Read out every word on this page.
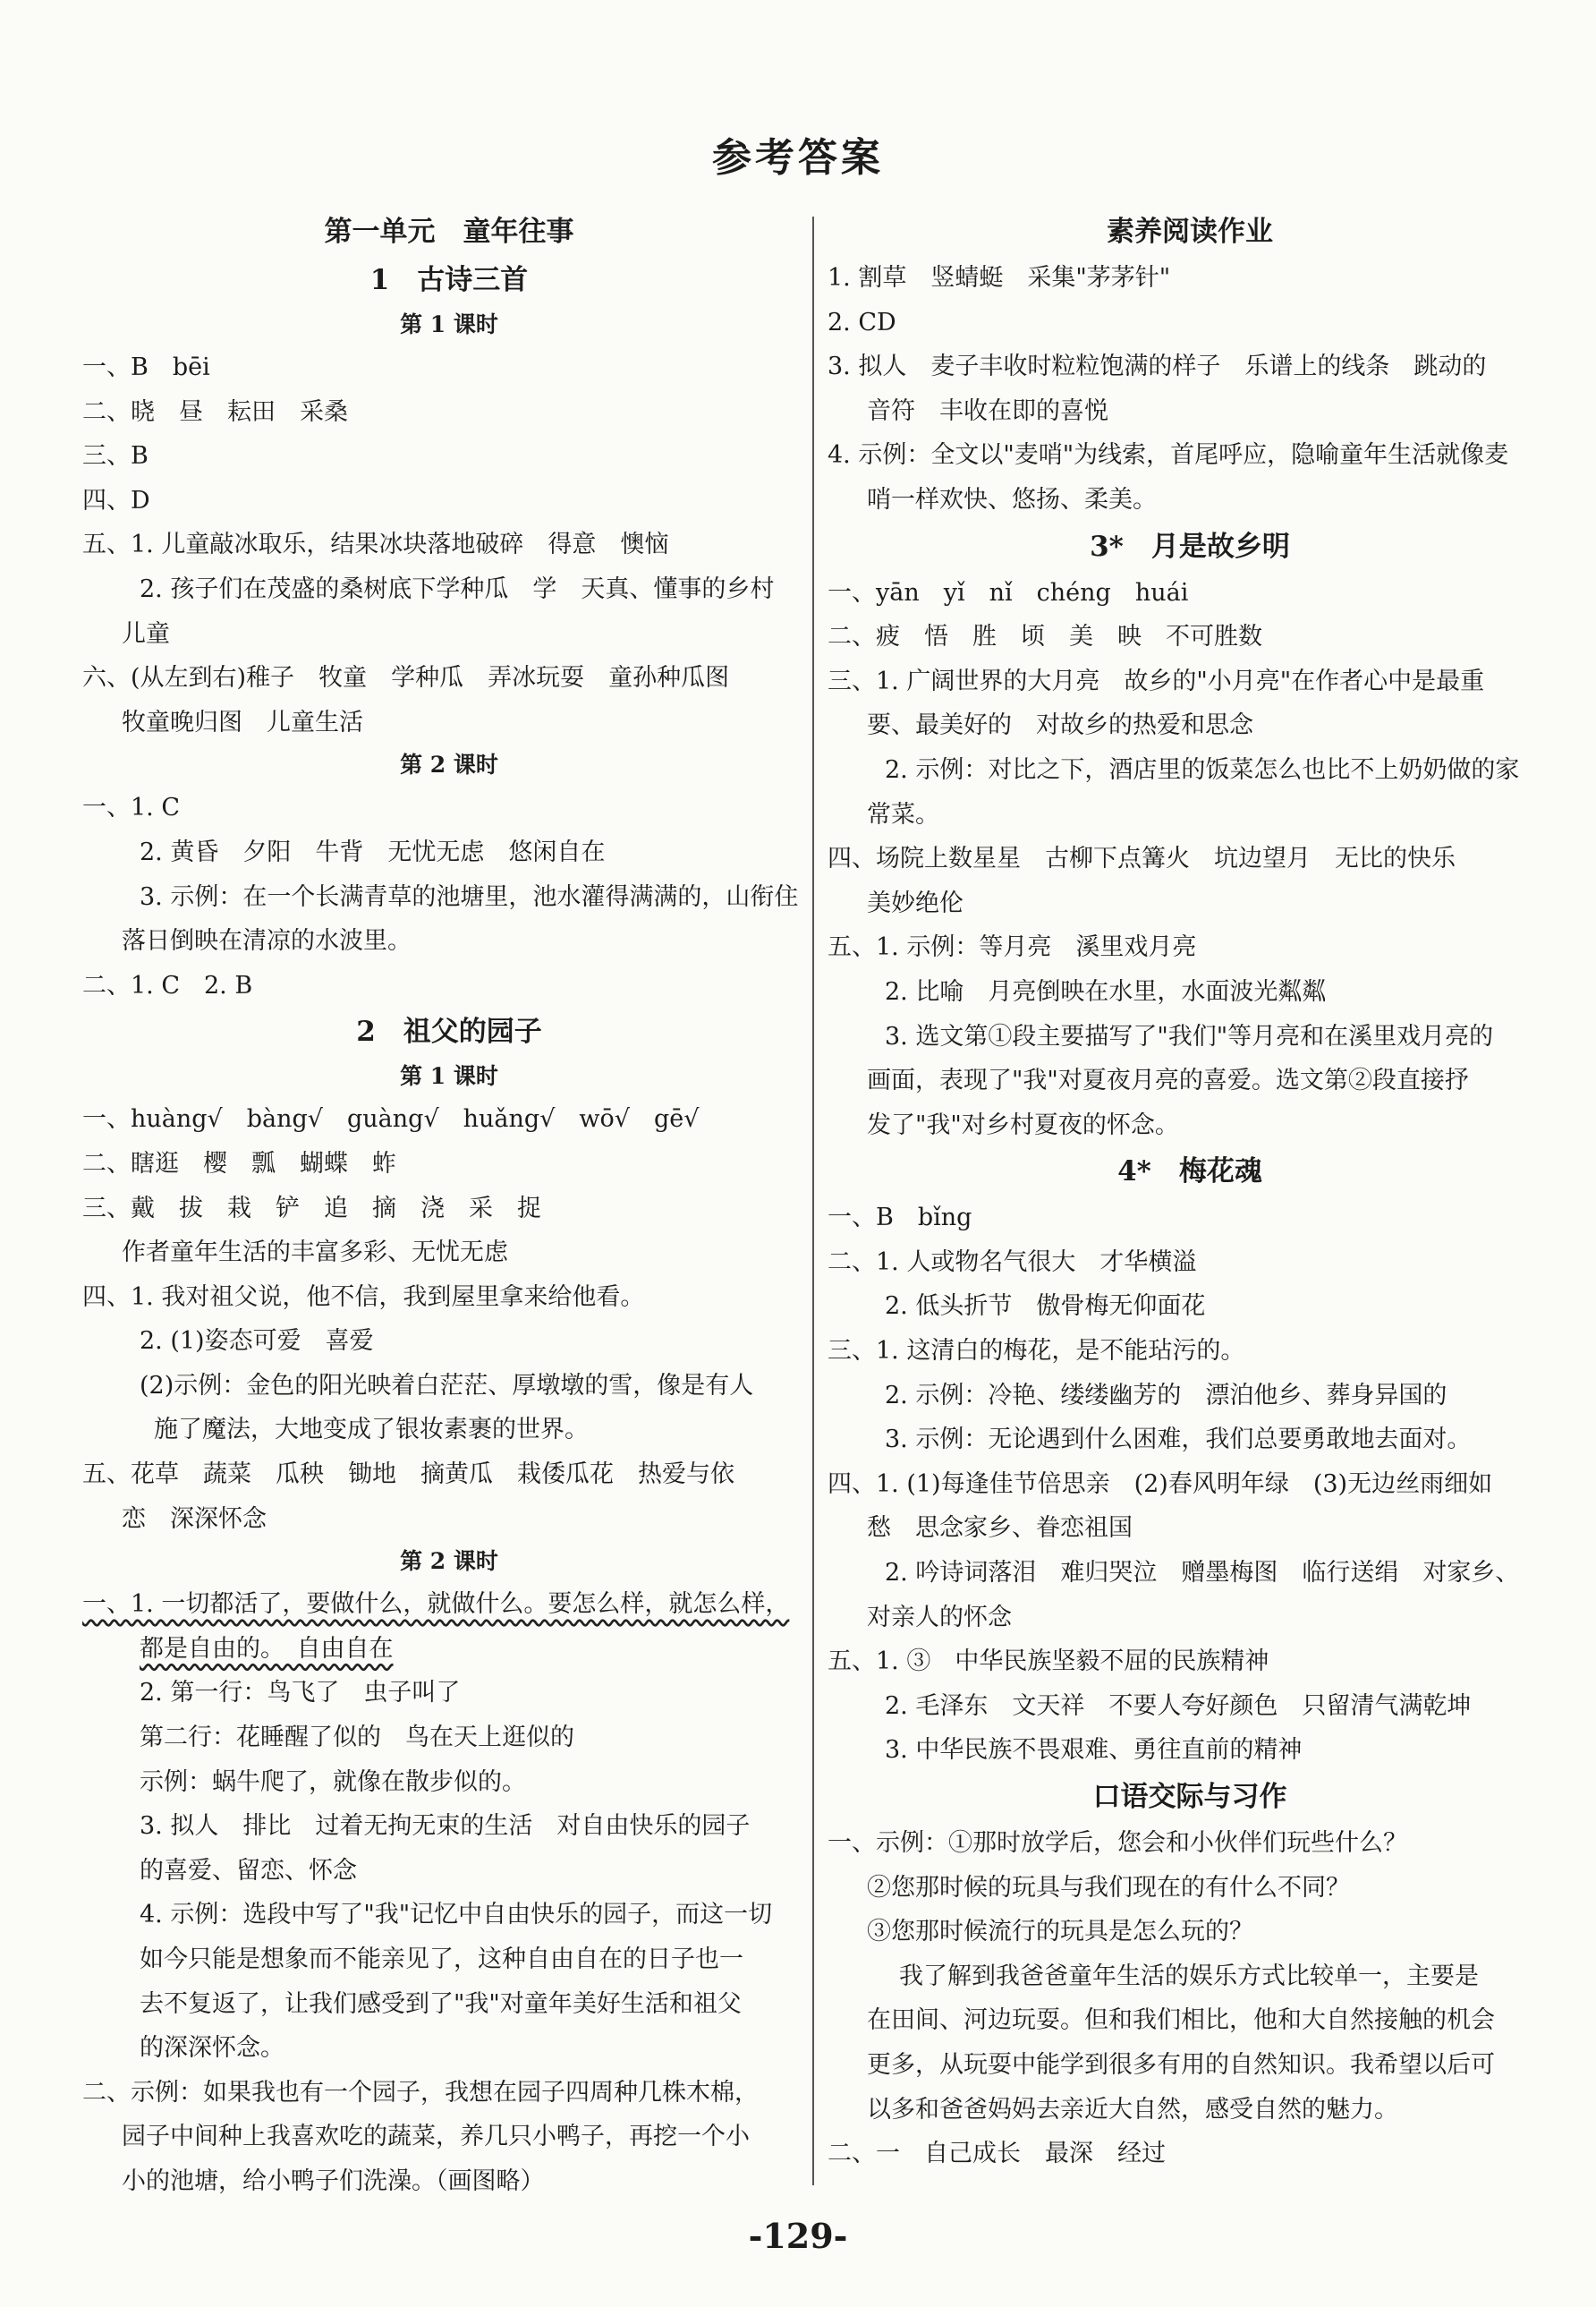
参考答案
第一单元　童年往事
1　古诗三首
第 1 课时
一、B　bēi
二、晓　昼　耘田　采桑
三、B
四、D
五、1. 儿童敲冰取乐，结果冰块落地破碎　得意　懊恼
2. 孩子们在茂盛的桑树底下学种瓜　学　天真、懂事的乡村
儿童
六、(从左到右)稚子　牧童　学种瓜　弄冰玩耍　童孙种瓜图
牧童晚归图　儿童生活
第 2 课时
一、1. C
2. 黄昏　夕阳　牛背　无忧无虑　悠闲自在
3. 示例：在一个长满青草的池塘里，池水灌得满满的，山衔住
落日倒映在清凉的水波里。
二、1. C　2. B
2　祖父的园子
第 1 课时
一、huàng√　bàng√　guàng√　huǎng√　wō√　gē√
二、瞎逛　樱　瓢　蝴蝶　蚱
三、戴　拔　栽　铲　追　摘　浇　采　捉
作者童年生活的丰富多彩、无忧无虑
四、1. 我对祖父说，他不信，我到屋里拿来给他看。
2. (1)姿态可爱　喜爱
(2)示例：金色的阳光映着白茫茫、厚墩墩的雪，像是有人
施了魔法，大地变成了银妆素裹的世界。
五、花草　蔬菜　瓜秧　锄地　摘黄瓜　栽倭瓜花　热爱与依
恋　深深怀念
第 2 课时
一、1. 一切都活了，要做什么，就做什么。要怎么样，就怎么样，
都是自由的。　自由自在
2. 第一行：鸟飞了　虫子叫了
第二行：花睡醒了似的　鸟在天上逛似的
示例：蜗牛爬了，就像在散步似的。
3. 拟人　排比　过着无拘无束的生活　对自由快乐的园子
的喜爱、留恋、怀念
4. 示例：选段中写了"我"记忆中自由快乐的园子，而这一切
如今只能是想象而不能亲见了，这种自由自在的日子也一
去不复返了，让我们感受到了"我"对童年美好生活和祖父
的深深怀念。
二、示例：如果我也有一个园子，我想在园子四周种几株木棉，
园子中间种上我喜欢吃的蔬菜，养几只小鸭子，再挖一个小
小的池塘，给小鸭子们洗澡。（画图略）
素养阅读作业
1. 割草　竖蜻蜓　采集"茅茅针"
2. CD
3. 拟人　麦子丰收时粒粒饱满的样子　乐谱上的线条　跳动的
音符　丰收在即的喜悦
4. 示例：全文以"麦哨"为线索，首尾呼应，隐喻童年生活就像麦
哨一样欢快、悠扬、柔美。
3*　月是故乡明
一、yān　yǐ　nǐ　chéng　huái
二、疲　悟　胜　顷　美　映　不可胜数
三、1. 广阔世界的大月亮　故乡的"小月亮"在作者心中是最重
要、最美好的　对故乡的热爱和思念
2. 示例：对比之下，酒店里的饭菜怎么也比不上奶奶做的家
常菜。
四、场院上数星星　古柳下点篝火　坑边望月　无比的快乐
美妙绝伦
五、1. 示例：等月亮　溪里戏月亮
2. 比喻　月亮倒映在水里，水面波光粼粼
3. 选文第①段主要描写了"我们"等月亮和在溪里戏月亮的
画面，表现了"我"对夏夜月亮的喜爱。选文第②段直接抒
发了"我"对乡村夏夜的怀念。
4*　梅花魂
一、B　bǐng
二、1. 人或物名气很大　才华横溢
2. 低头折节　傲骨梅无仰面花
三、1. 这清白的梅花，是不能玷污的。
2. 示例：冷艳、缕缕幽芳的　漂泊他乡、葬身异国的
3. 示例：无论遇到什么困难，我们总要勇敢地去面对。
四、1. (1)每逢佳节倍思亲　(2)春风明年绿　(3)无边丝雨细如
愁　思念家乡、眷恋祖国
2. 吟诗词落泪　难归哭泣　赠墨梅图　临行送绢　对家乡、
对亲人的怀念
五、1. ③　中华民族坚毅不屈的民族精神
2. 毛泽东　文天祥　不要人夸好颜色　只留清气满乾坤
3. 中华民族不畏艰难、勇往直前的精神
口语交际与习作
一、示例：①那时放学后，您会和小伙伴们玩些什么？
②您那时候的玩具与我们现在的有什么不同？
③您那时候流行的玩具是怎么玩的？
我了解到我爸爸童年生活的娱乐方式比较单一，主要是
在田间、河边玩耍。但和我们相比，他和大自然接触的机会
更多，从玩耍中能学到很多有用的自然知识。我希望以后可
以多和爸爸妈妈去亲近大自然，感受自然的魅力。
二、一　自己成长　最深　经过
-129-
